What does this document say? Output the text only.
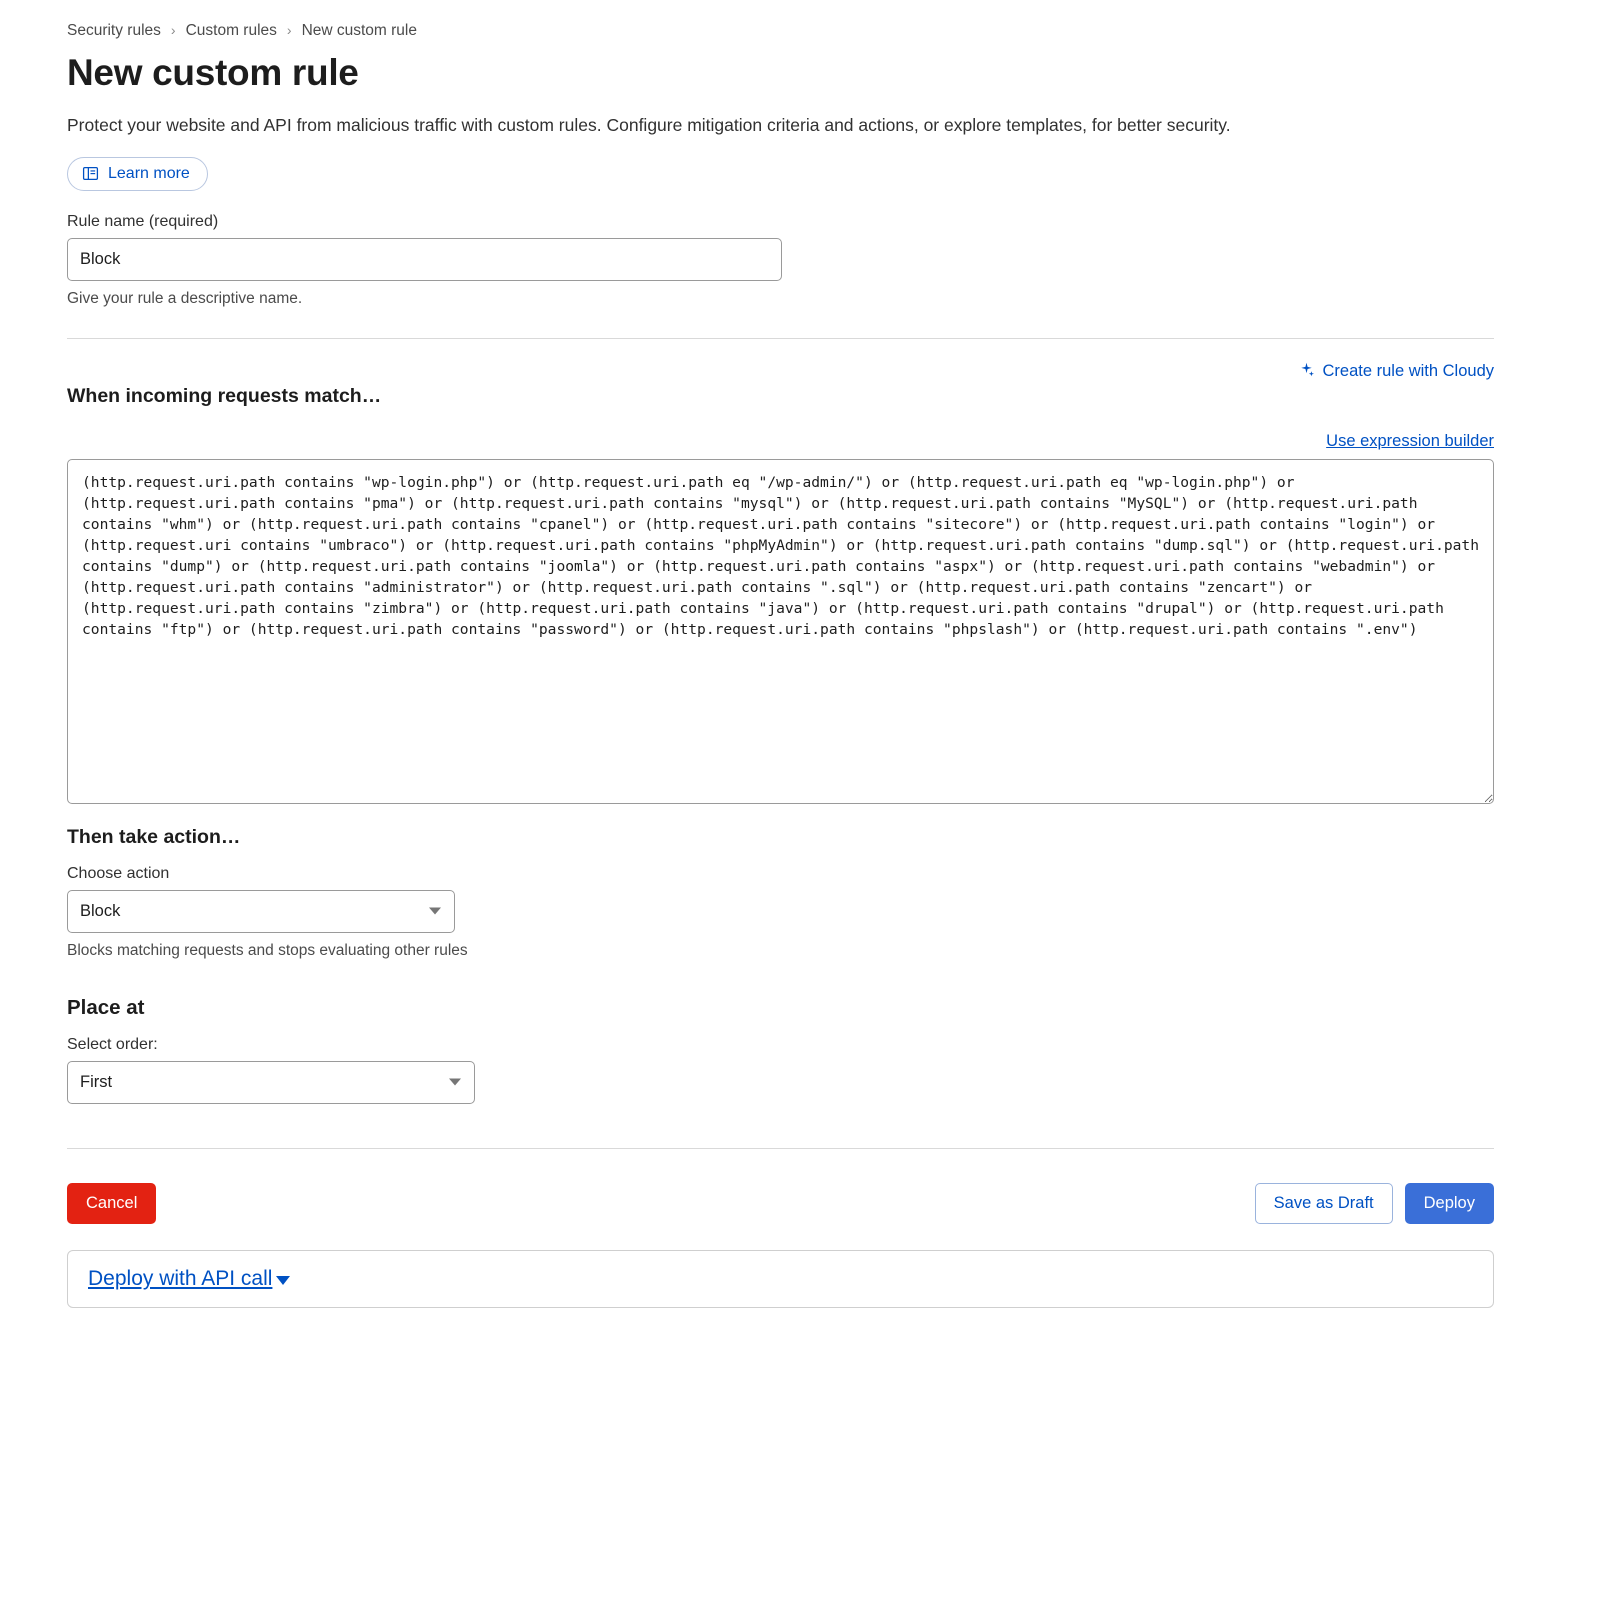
Security rules › Custom rules › New custom rule
New custom rule

Protect your website and API from malicious traffic with custom rules. Configure mitigation criteria and actions, or explore templates, for better security.

Learn more
Rule name (required)
Block
Give your rule a descriptive name.
Create rule with Cloudy
When incoming requests match…
Use expression builder
(http.request.uri.path contains "wp-login.php") or (http.request.uri.path eq "/wp-admin/") or (http.request.uri.path eq "wp-login.php") or (http.request.uri.path contains "pma") or (http.request.uri.path contains "mysql") or (http.request.uri.path contains "MySQL") or (http.request.uri.path contains "whm") or (http.request.uri.path contains "cpanel") or (http.request.uri.path contains "sitecore") or (http.request.uri.path contains "login") or (http.request.uri contains "umbraco") or (http.request.uri.path contains "phpMyAdmin") or (http.request.uri.path contains "dump.sql") or (http.request.uri.path contains "dump") or (http.request.uri.path contains "joomla") or (http.request.uri.path contains "aspx") or (http.request.uri.path contains "webadmin") or (http.request.uri.path contains "administrator") or (http.request.uri.path contains ".sql") or (http.request.uri.path contains "zencart") or (http.request.uri.path contains "zimbra") or (http.request.uri.path contains "java") or (http.request.uri.path contains "drupal") or (http.request.uri.path contains "ftp") or (http.request.uri.path contains "password") or (http.request.uri.path contains "phpslash") or (http.request.uri.path contains ".env")
Then take action…
Choose action
Block
Blocks matching requests and stops evaluating other rules
Place at
Select order:
First
Cancel	Save as Draft	Deploy
Deploy with API call
